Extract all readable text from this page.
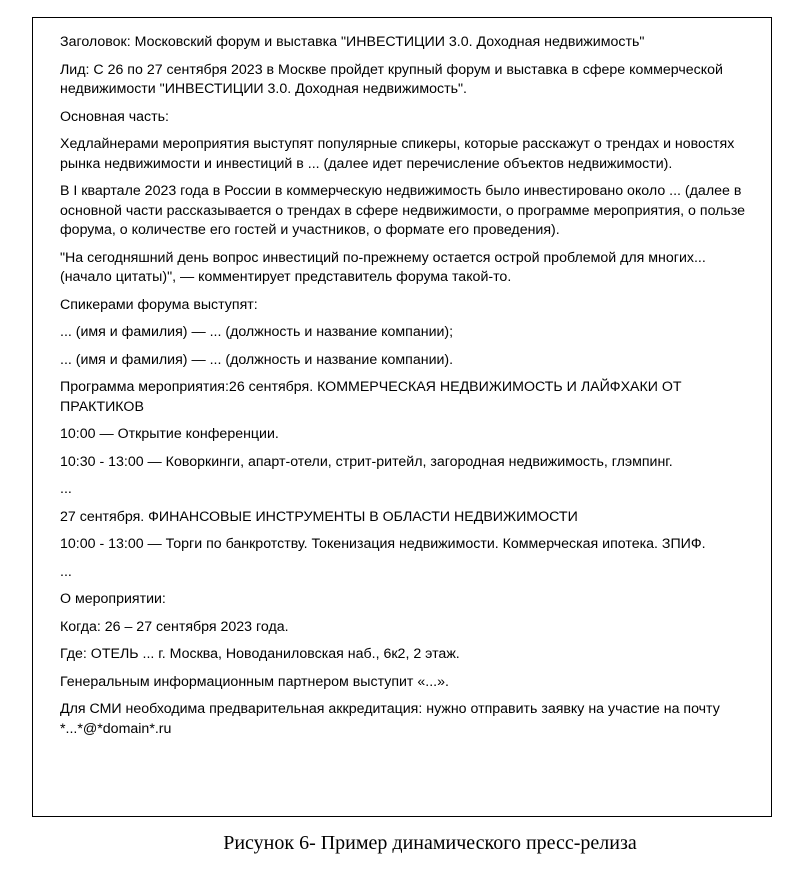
Заголовок: Московский форум и выставка "ИНВЕСТИЦИИ 3.0. Доходная недвижимость"

Лид: С 26 по 27 сентября 2023 в Москве пройдет крупный форум и выставка в сфере коммерческой недвижимости "ИНВЕСТИЦИИ 3.0. Доходная недвижимость".

Основная часть:

Хедлайнерами мероприятия выступят популярные спикеры, которые расскажут о трендах и новостях рынка недвижимости и инвестиций в ... (далее идет перечисление объектов недвижимости).

В I квартале 2023 года в России в коммерческую недвижимость было инвестировано около ... (далее в основной части рассказывается о трендах в сфере недвижимости, о программе мероприятия, о пользе форума, о количестве его гостей и участников, о формате его проведения).

"На сегодняшний день вопрос инвестиций по-прежнему остается острой проблемой для многих... (начало цитаты)", — комментирует представитель форума такой-то.

Спикерами форума выступят:

... (имя и фамилия) — ... (должность и название компании);

... (имя и фамилия) — ... (должность и название компании).

Программа мероприятия:26 сентября. КОММЕРЧЕСКАЯ НЕДВИЖИМОСТЬ И ЛАЙФХАКИ ОТ ПРАКТИКОВ

10:00 — Открытие конференции.

10:30 - 13:00 — Коворкинги, апарт-отели, стрит-ритейл, загородная недвижимость, глэмпинг.

...

27 сентября. ФИНАНСОВЫЕ ИНСТРУМЕНТЫ В ОБЛАСТИ НЕДВИЖИМОСТИ

10:00 - 13:00 — Торги по банкротству. Токенизация недвижимости. Коммерческая ипотека. ЗПИФ.

...

О мероприятии:

Когда: 26 – 27 сентября 2023 года.

Где: ОТЕЛЬ ... г. Москва, Новоданиловская наб., 6к2, 2 этаж.

Генеральным информационным партнером выступит «...».

Для СМИ необходима предварительная аккредитация: нужно отправить заявку на участие на почту *...*@*domain*.ru

Рисунок 6- Пример динамического пресс-релиза
